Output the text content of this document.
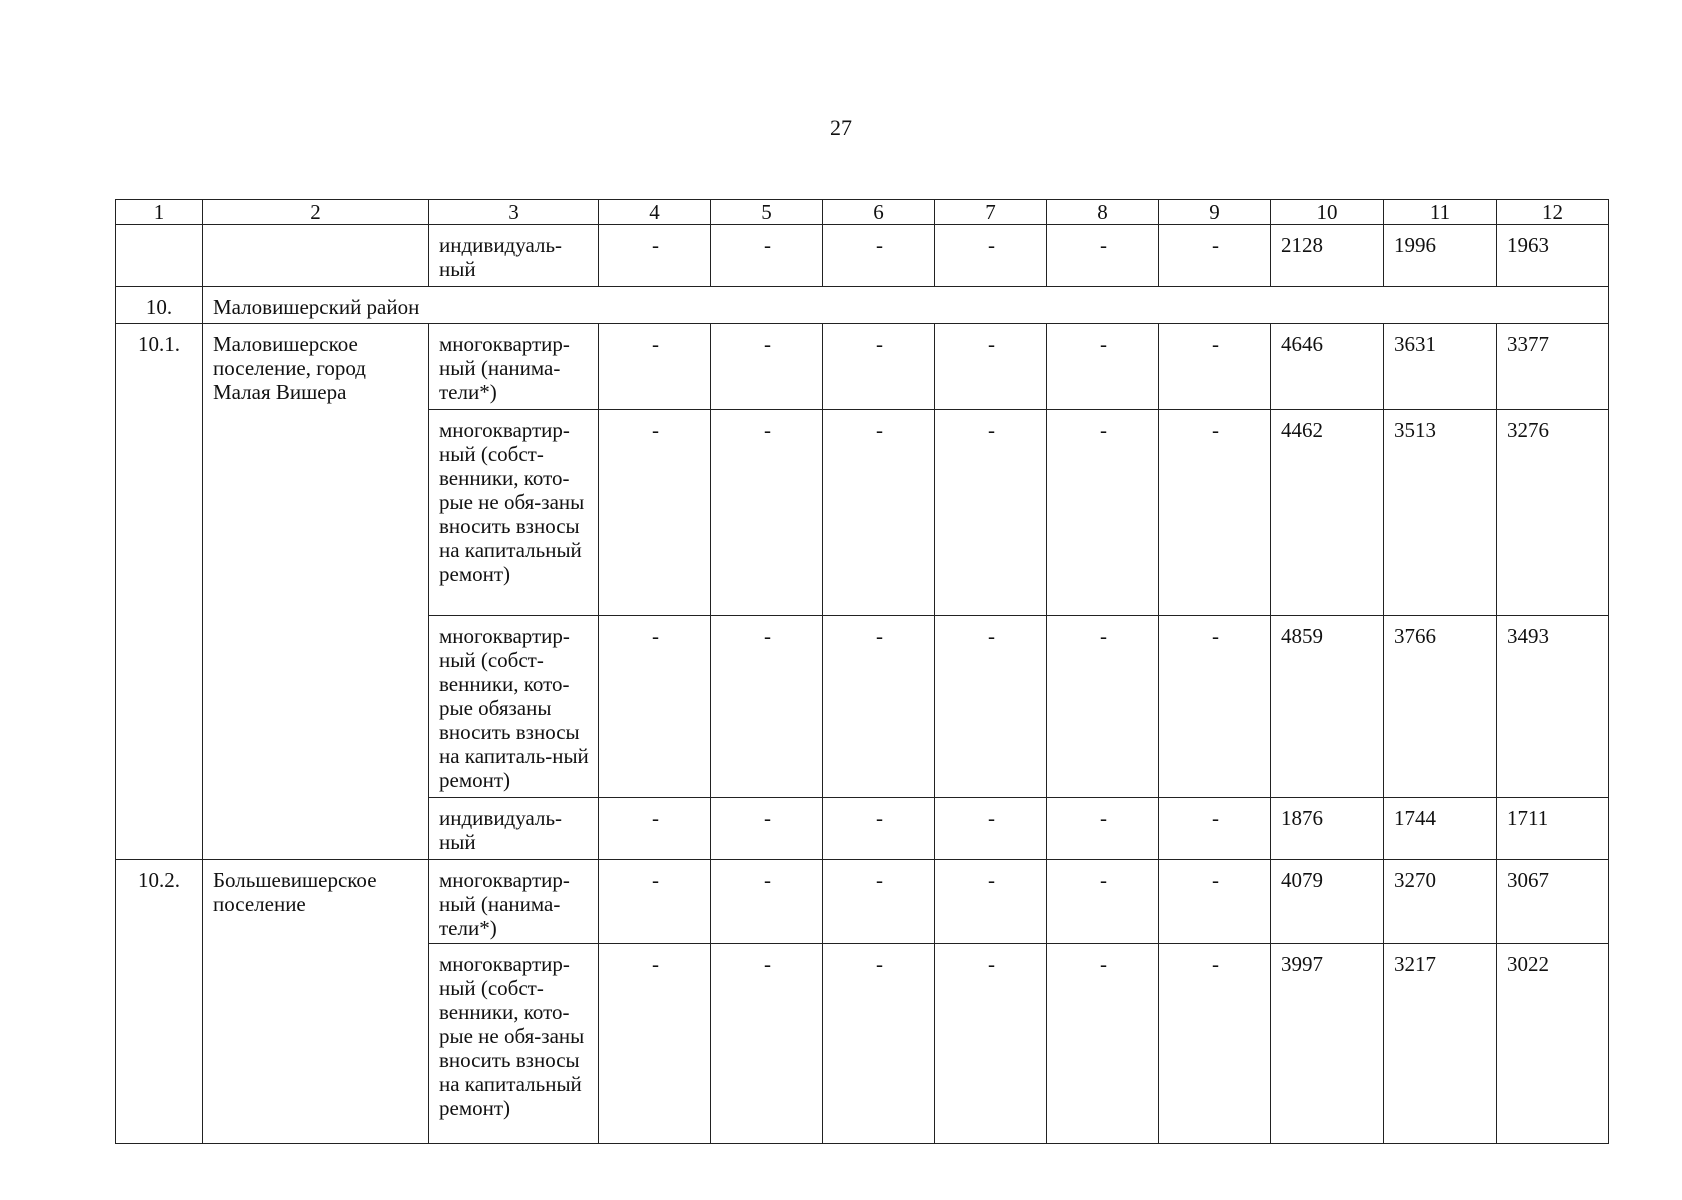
27
1	2	3	4	5	6	7	8	9	10	11	12
		индивидуаль-ный	-	-	-	-	-	-	2128	1996	1963
10.	Маловишерский район										
10.1.	Маловишерское поселение, город Малая Вишера	многоквартир-ный (нанима-тели*)	-	-	-	-	-	-	4646	3631	3377
		многоквартир-ный (собст-венники, кото-рые не обя-заны вносить взносы на капитальный ремонт)	-	-	-	-	-	-	4462	3513	3276
		многоквартир-ный (собст-венники, кото-рые обязаны вносить взносы на капиталь-ный ремонт)	-	-	-	-	-	-	4859	3766	3493
		индивидуаль-ный	-	-	-	-	-	-	1876	1744	1711
10.2.	Большевишерское поселение	многоквартир-ный (нанима-тели*)	-	-	-	-	-	-	4079	3270	3067
		многоквартир-ный (собст-венники, кото-рые не обя-заны вносить взносы на капитальный ремонт)	-	-	-	-	-	-	3997	3217	3022
